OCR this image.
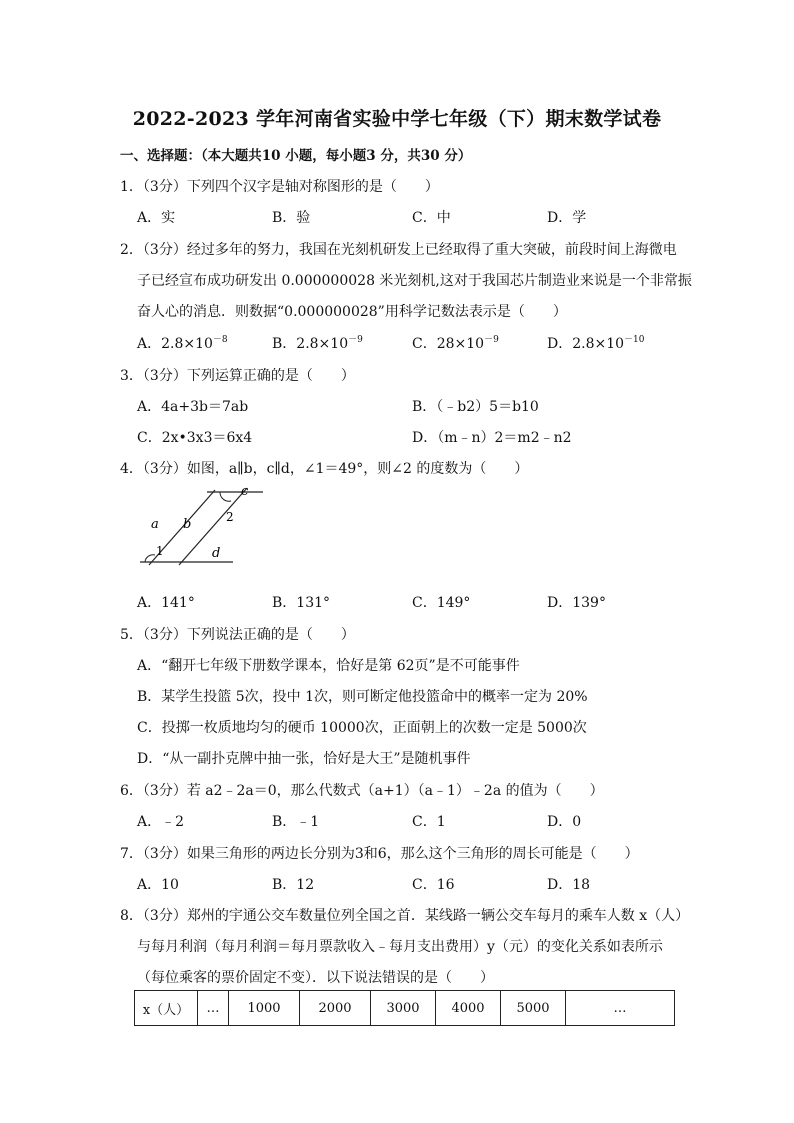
2022-2023 学年河南省实验中学七年级（下）期末数学试卷
一、选择题：（本大题共10 小题，每小题3 分，共30 分）
1．（3分）下列四个汉字是轴对称图形的是（　　）
A．实	B．验	C．中	D．学
2．（3分）经过多年的努力，我国在光刻机研发上已经取得了重大突破，前段时间上海微电
子已经宣布成功研发出 0.000000028 米光刻机,这对于我国芯片制造业来说是一个非常振
奋人心的消息．则数据“0.000000028”用科学记数法表示是（　　）
A．$2.8\times 10^{-8}$	B．$2.8\times 10^{-9}$	C．$28\times 10^{-9}$	D．$2.8\times 10^{-10}$
3．（3分）下列运算正确的是（　　）
A．4a+3b＝7ab	B．（﹣b2）5＝b10
C．2x•3x3＝6x4	D．（m﹣n）2＝m2﹣n2
4．（3分）如图，a∥b，c∥d，∠1＝49°，则∠2 的度数为（　　）
a b
c
d
1
2
A．141°	B．131°	C．149°	D．139°
5．（3分）下列说法正确的是（　　）
A．“翻开七年级下册数学课本，恰好是第 62页”是不可能事件
B．某学生投篮 5次，投中 1次，则可断定他投篮命中的概率一定为 20%
C．投掷一枚质地均匀的硬币 10000次，正面朝上的次数一定是 5000次
D．“从一副扑克牌中抽一张，恰好是大王”是随机事件
6．（3分）若 a2﹣2a＝0，那么代数式（a+1）（a﹣1）﹣2a 的值为（　　）
A．﹣2	B．﹣1	C．1	D．0
7．（3分）如果三角形的两边长分别为3和6，那么这个三角形的周长可能是（　　）
A．10	B．12	C．16	D．18
8．（3分）郑州的宇通公交车数量位列全国之首．某线路一辆公交车每月的乘车人数 x（人）
与每月利润（每月利润＝每月票款收入﹣每月支出费用）y（元）的变化关系如表所示
（每位乘客的票价固定不变）．以下说法错误的是（　　）
x（人）	…	1000	2000	3000	4000	5000	…
